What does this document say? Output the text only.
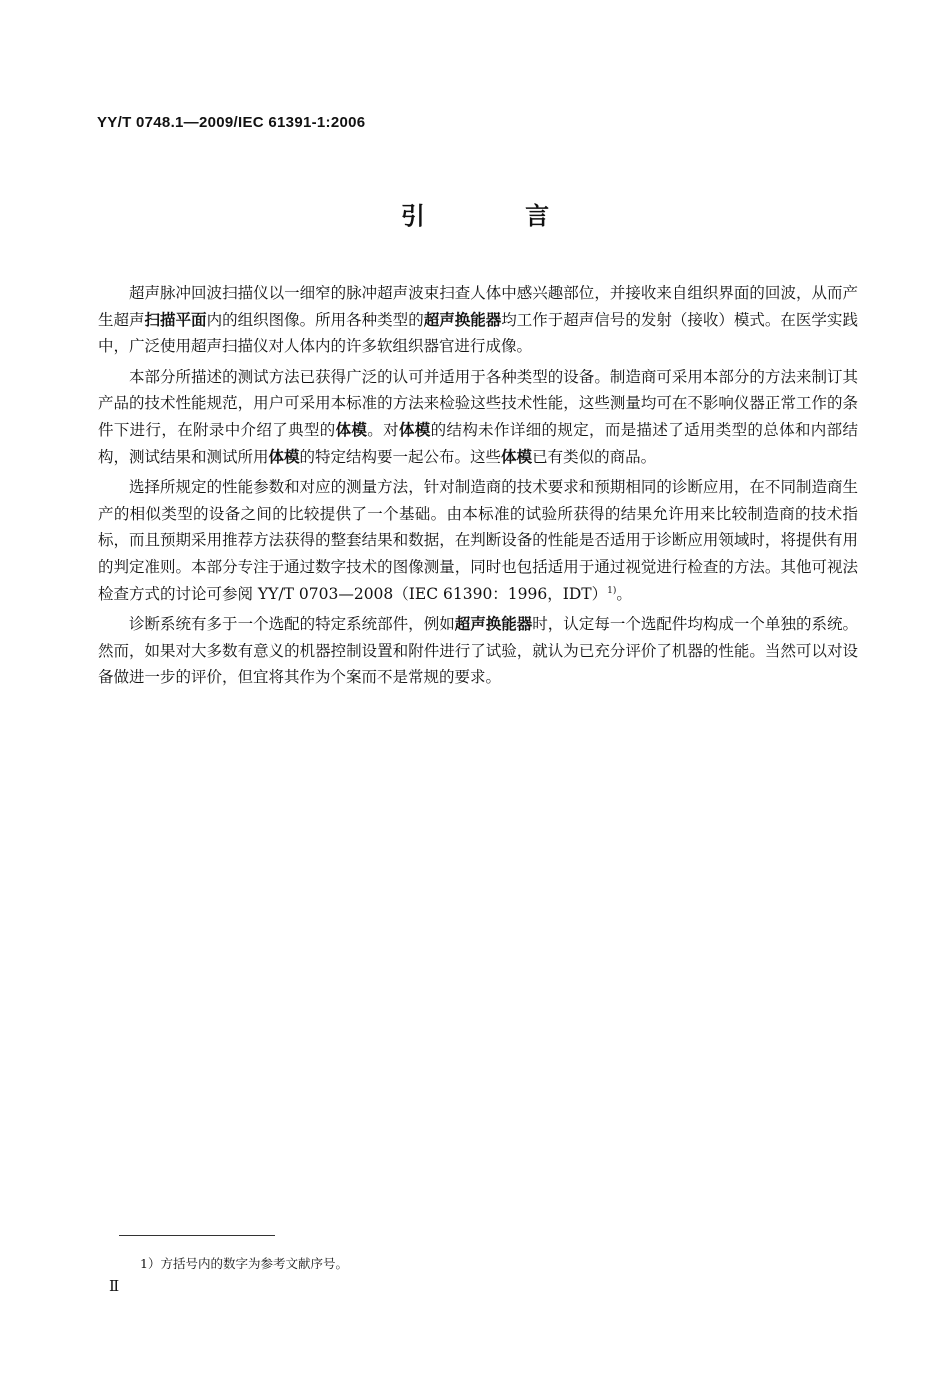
YY/T 0748.1—2009/IEC 61391-1:2006
引 言

超声脉冲回波扫描仪以一细窄的脉冲超声波束扫查人体中感兴趣部位，并接收来自组织界面的回波，从而产生超声扫描平面内的组织图像。所用各种类型的超声换能器均工作于超声信号的发射（接收）模式。在医学实践中，广泛使用超声扫描仪对人体内的许多软组织器官进行成像。

本部分所描述的测试方法已获得广泛的认可并适用于各种类型的设备。制造商可采用本部分的方法来制订其产品的技术性能规范，用户可采用本标准的方法来检验这些技术性能，这些测量均可在不影响仪器正常工作的条件下进行，在附录中介绍了典型的体模。对体模的结构未作详细的规定，而是描述了适用类型的总体和内部结构，测试结果和测试所用体模的特定结构要一起公布。这些体模已有类似的商品。

选择所规定的性能参数和对应的测量方法，针对制造商的技术要求和预期相同的诊断应用，在不同制造商生产的相似类型的设备之间的比较提供了一个基础。由本标准的试验所获得的结果允许用来比较制造商的技术指标，而且预期采用推荐方法获得的整套结果和数据，在判断设备的性能是否适用于诊断应用领域时，将提供有用的判定准则。本部分专注于通过数字技术的图像测量，同时也包括适用于通过视觉进行检查的方法。其他可视法检查方式的讨论可参阅 YY/T 0703—2008（IEC 61390：1996，IDT）$^{1)}$。

诊断系统有多于一个选配的特定系统部件，例如超声换能器时，认定每一个选配件均构成一个单独的系统。然而，如果对大多数有意义的机器控制设置和附件进行了试验，就认为已充分评价了机器的性能。当然可以对设备做进一步的评价，但宜将其作为个案而不是常规的要求。

1）方括号内的数字为参考文献序号。
Ⅱ
